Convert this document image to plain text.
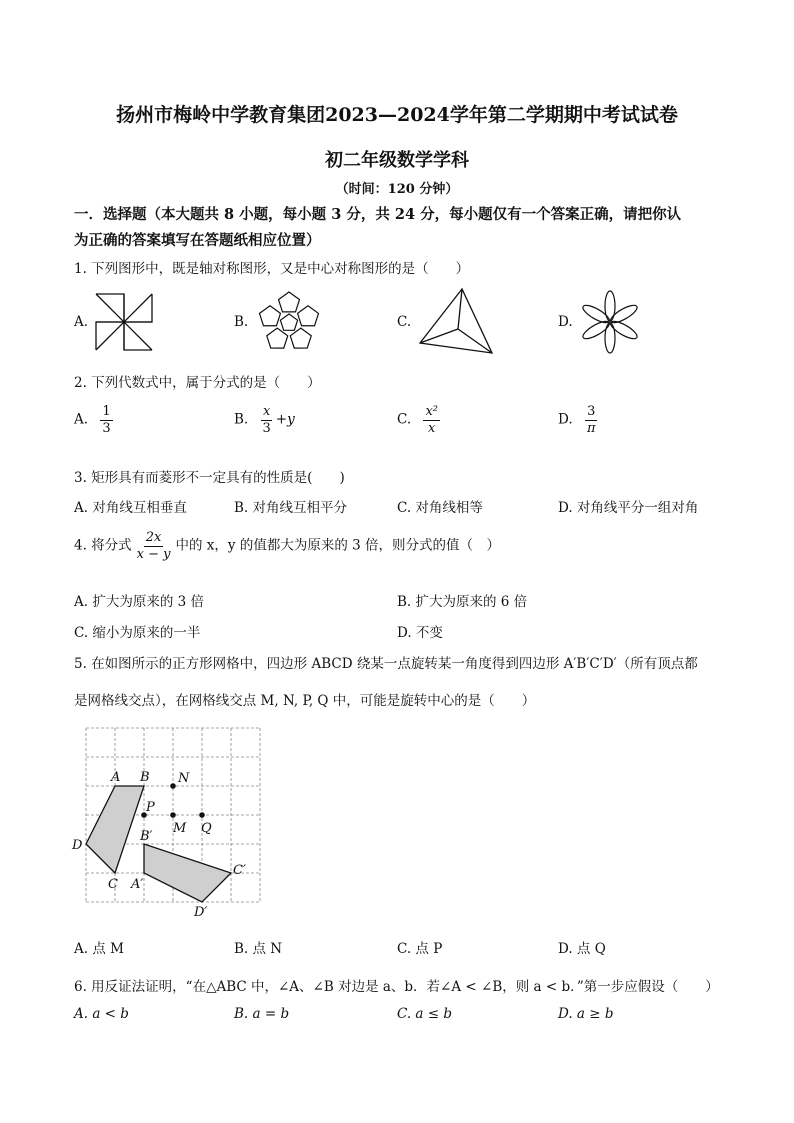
扬州市梅岭中学教育集团2023—2024学年第二学期期中考试试卷
初二年级数学学科
（时间：120 分钟）
一．选择题（本大题共 8 小题，每小题 3 分，共 24 分，每小题仅有一个答案正确，请把你认
为正确的答案填写在答题纸相应位置）
1. 下列图形中，既是轴对称图形，又是中心对称图形的是（　　）
A.	B.	C.	D.
2. 下列代数式中，属于分式的是（　　）
A. $\frac{1}{3}$	B. $\frac{x}{3} +y$	C. $\frac{\text{x²}}{x}$	D. $\frac{3}{\pi}$
3. 矩形具有而菱形不一定具有的性质是(　　)
A. 对角线互相垂直	B. 对角线互相平分	C. 对角线相等	D. 对角线平分一组对角
4. 将分式 $\frac{2x}{x - y}$ 中的 x，y 的值都大为原来的 3 倍，则分式的值（　）
A. 扩大为原来的 3 倍	B. 扩大为原来的 6 倍
C. 缩小为原来的一半	D. 不变
5. 在如图所示的正方形网格中，四边形 ABCD 绕某一点旋转某一角度得到四边形 A′B′C′D′（所有顶点都
是网格线交点），在网格线交点 M, N, P, Q 中，可能是旋转中心的是（　　）
A B N
P
M Q
B′
D
C A′
C′
D′
A. 点 M	B. 点 N	C. 点 P	D. 点 Q
6. 用反证法证明，“在△ABC 中，∠A、∠B 对边是 a、b．若∠A < ∠B，则 a < b．”第一步应假设（　　）
A. a < b	B. a = b	C. a ≤ b	D. a ≥ b
